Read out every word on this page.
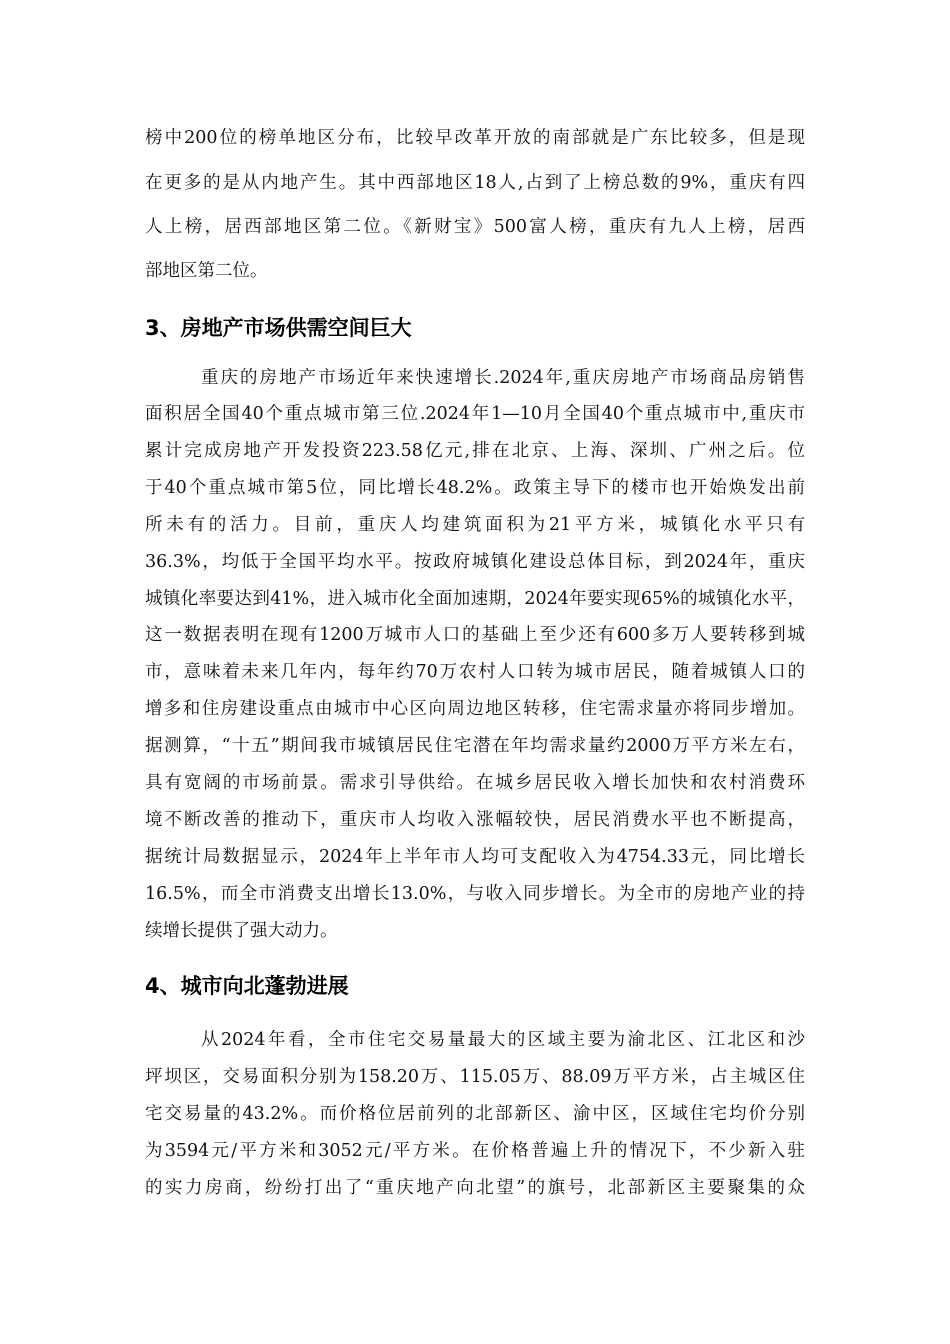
榜中200位的榜单地区分布，比较早改革开放的南部就是广东比较多，但是现
在更多的是从内地产生。其中西部地区18人,占到了上榜总数的9%，重庆有四
人上榜，居西部地区第二位。《新财宝》500富人榜，重庆有九人上榜，居西
部地区第二位。
3、房地产市场供需空间巨大
重庆的房地产市场近年来快速增长.2024年,重庆房地产市场商品房销售
面积居全国40个重点城市第三位.2024年1—10月全国40个重点城市中,重庆市
累计完成房地产开发投资223.58亿元,排在北京、上海、深圳、广州之后。位
于40个重点城市第5位，同比增长48.2%。政策主导下的楼市也开始焕发出前
所未有的活力。目前，重庆人均建筑面积为21平方米，城镇化水平只有
36.3%，均低于全国平均水平。按政府城镇化建设总体目标，到2024年，重庆
城镇化率要达到41%，进入城市化全面加速期，2024年要实现65%的城镇化水平，
这一数据表明在现有1200万城市人口的基础上至少还有600多万人要转移到城
市，意味着未来几年内，每年约70万农村人口转为城市居民，随着城镇人口的
增多和住房建设重点由城市中心区向周边地区转移，住宅需求量亦将同步增加。
据测算，“十五”期间我市城镇居民住宅潜在年均需求量约2000万平方米左右，
具有宽阔的市场前景。需求引导供给。在城乡居民收入增长加快和农村消费环
境不断改善的推动下，重庆市人均收入涨幅较快，居民消费水平也不断提高，
据统计局数据显示，2024年上半年市人均可支配收入为4754.33元，同比增长
16.5%，而全市消费支出增长13.0%，与收入同步增长。为全市的房地产业的持
续增长提供了强大动力。
4、城市向北蓬勃进展
从2024年看，全市住宅交易量最大的区域主要为渝北区、江北区和沙
坪坝区，交易面积分别为158.20万、115.05万、88.09万平方米，占主城区住
宅交易量的43.2%。而价格位居前列的北部新区、渝中区，区域住宅均价分别
为3594元/平方米和3052元/平方米。在价格普遍上升的情况下，不少新入驻
的实力房商，纷纷打出了“重庆地产向北望”的旗号，北部新区主要聚集的众
